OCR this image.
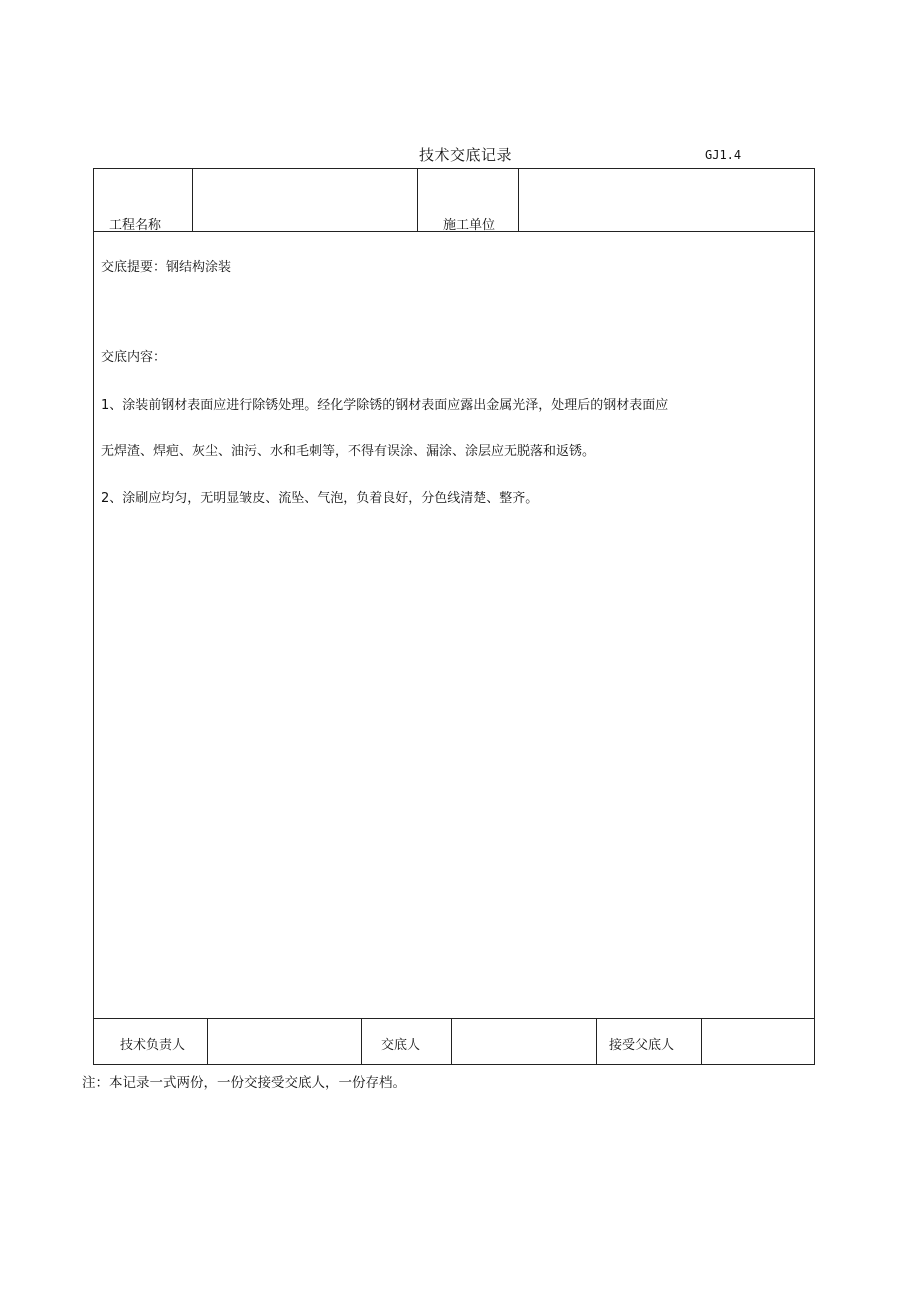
技术交底记录	GJ1.4
工程名称	施工单位
交底提要：钢结构涂装
交底内容：
1、涂装前钢材表面应进行除锈处理。经化学除锈的钢材表面应露出金属光泽，处理后的钢材表面应
无焊渣、焊疤、灰尘、油污、水和毛刺等，不得有误涂、漏涂、涂层应无脱落和返锈。
2、涂刷应均匀，无明显皱皮、流坠、气泡，负着良好，分色线清楚、整齐。
技术负责人	交底人	接受父底人
注：本记录一式两份，一份交接受交底人，一份存档。
